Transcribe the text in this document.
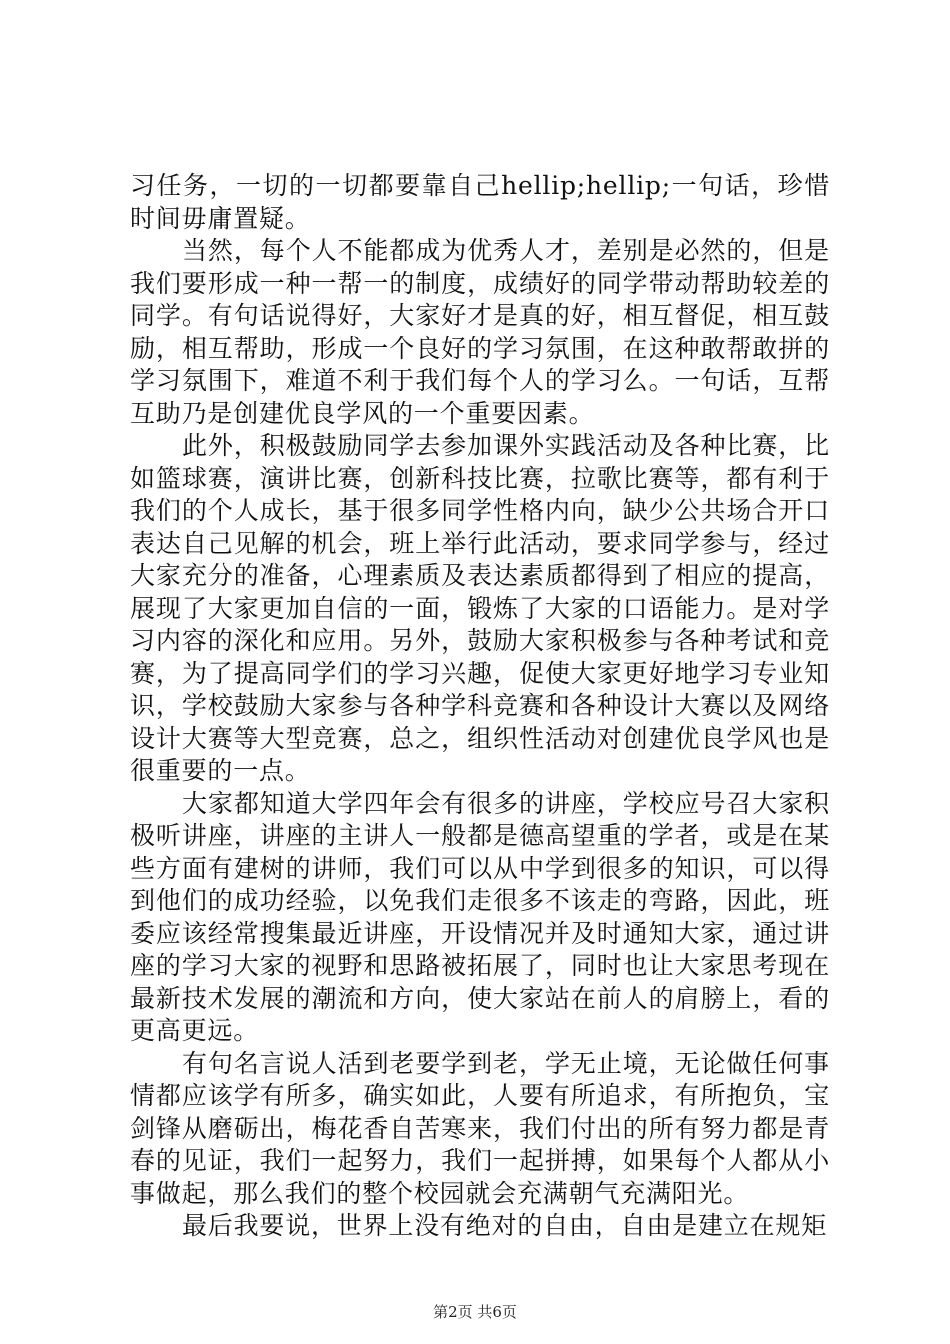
习任务，一切的一切都要靠自己hellip;hellip;一句话，珍惜时间毋庸置疑。

当然，每个人不能都成为优秀人才，差别是必然的，但是我们要形成一种一帮一的制度，成绩好的同学带动帮助较差的同学。有句话说得好，大家好才是真的好，相互督促，相互鼓励，相互帮助，形成一个良好的学习氛围，在这种敢帮敢拼的学习氛围下，难道不利于我们每个人的学习么。一句话，互帮互助乃是创建优良学风的一个重要因素。

此外，积极鼓励同学去参加课外实践活动及各种比赛，比如篮球赛，演讲比赛，创新科技比赛，拉歌比赛等，都有利于我们的个人成长，基于很多同学性格内向，缺少公共场合开口表达自己见解的机会，班上举行此活动，要求同学参与，经过大家充分的准备，心理素质及表达素质都得到了相应的提高，展现了大家更加自信的一面，锻炼了大家的口语能力。是对学习内容的深化和应用。另外，鼓励大家积极参与各种考试和竞赛，为了提高同学们的学习兴趣，促使大家更好地学习专业知识，学校鼓励大家参与各种学科竞赛和各种设计大赛以及网络设计大赛等大型竞赛，总之，组织性活动对创建优良学风也是很重要的一点。

大家都知道大学四年会有很多的讲座，学校应号召大家积极听讲座，讲座的主讲人一般都是德高望重的学者，或是在某些方面有建树的讲师，我们可以从中学到很多的知识，可以得到他们的成功经验，以免我们走很多不该走的弯路，因此，班委应该经常搜集最近讲座，开设情况并及时通知大家，通过讲座的学习大家的视野和思路被拓展了，同时也让大家思考现在最新技术发展的潮流和方向，使大家站在前人的肩膀上，看的更高更远。

有句名言说人活到老要学到老，学无止境，无论做任何事情都应该学有所多，确实如此，人要有所追求，有所抱负，宝剑锋从磨砺出，梅花香自苦寒来，我们付出的所有努力都是青春的见证，我们一起努力，我们一起拼搏，如果每个人都从小事做起，那么我们的整个校园就会充满朝气充满阳光。

最后我要说，世界上没有绝对的自由，自由是建立在规矩

第2页 共6页
